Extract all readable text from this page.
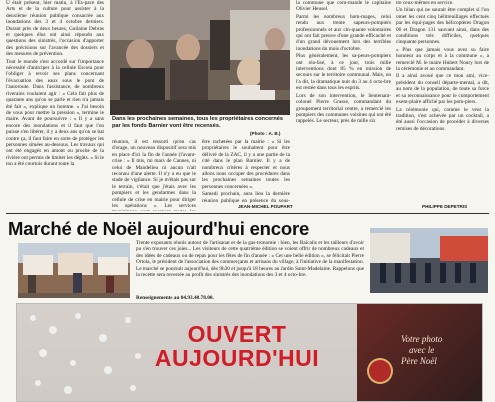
U était présent, hier matin, à l'Es-pace des Arts et de la culture pour assister à la deuxième réunion publique consacrée aux inondations des 3 et 4 octobre derniers. Durant près de deux heures, Guilaine Debras et quelques élus ont ainsi répondu aux questions des sinistrés, l'occasion d'apporter des précisions sur l'avancée des dossiers et des mesures de prévention.

Tout le monde s'est accordé sur l'importance nécessité d'anticiper à la cellule Escota pour l'obliger à revoir ses plans concernant l'évacuation des eaux sous le pont de l'autoroute. Dans l'assistance, de nombreux riverains voulaient agir : « Cela fait plus de quarante ans qu'on se parle et rien n'a jamais été fait », explique un homme. « J'ai besoin de vous pour mettre la pression », termine le maire. Avant de poursuivre : « Il y a sans encore des inondations et il faut que l'on puisse s'en libérer, il y a deux ans qu'on se bat contre ça, il faut faire en sorte de protéger les personnes situées au-dessous. Les travaux qui ont été engagés en amont ou proche de la rivière ont permis de limiter les dégâts. » Si le ton a été courtois durant toute la

Dans les prochaines semaines, tous les propriétaires concernés par les fonds Barnier vont être recensés.
(Photo : A. B.)

réunion, il est ressorti qu'en cas d'orage, un nouveau dispositif sera mis en place d'ici la fin de l'année (l'avant-crise : « Il mis, mi mars de Cannes, ni celui de Mandelieu ni aucun n'ait reconnu d'une alerte. Il n'y a eu que le stade de vigilance. Si je m'étais pas sur le terrain, c'était que j'étais avec les pompiers et les gendarmes dans la cellule de crise en mairie pour diriger les opérations ». Les services

être rachetées par la mairie : « Si les propriétaires le souhaitent pour être délivré de la ZAC, il y a une partie de la cité dans le plan Barnier. Il y a de nombreux critères à respecter et nous allons nous occuper des procédures dans les prochaines semaines toutes les personnes concernées ».

Samedi prochain, aura lieu la dernière réunion publique en présence du sous-

JEAN-MICHEL POUPART

la commune que com-mande le capitaine Olivier Heusel.

Parmi les nombreux hom-mages, celui rendu aux trente sapeurs-pompiers professionnels et aux cin-quante volontaires qui ont fait preuve d'une grande efficacité et d'un grand dévouement lors des terribles inondations du mois d'octobre.

Plus généralement, les sa-peurs-pompiers ont réa-lisé, à ce jour, trois mille interventions dont 85 % en mission de secours sur le territoire communal. Mais, on l'a dit, la dramatique nuit du 3 au 4 octo-bre est restée dans tous les esprits.

Lors de son intervention, le lieutenant-colonel Pierre Grasse, commandant du groupement territorial centre, a remercié les pompiers des communes voisines qui ont été rappelés. Le secteur, près de mille six

tre ceux-mêmes en service.

Un bilan qui ne saurait être complet si l'on omet les cent cinq hélitreuillages effectués par les équi-pages des hélicoptères Dragon 06 et Dragon 131 sauvant ainsi, dans des conditions très difficiles, quelques cinquante personnes.

« Plus que jamais vous avez su faire honneur au corps et à la commune », a remercié M. le maire Hubert Noury lors de la cérémonie et au commandant.

Il a ainsi avoué que ce mon ami, vice-président du conseil départe-mental, a dit, au nom de la population, de toute sa force et sa reconnaissance pour le comportement exem-plaire affiché par les pom-piers.

La cérémonie qui, comme le veut la tradition, s'est achevée par un cocktail, a été aussi l'occasion de procéder à diverses remises de décorations.

PHILIPPE DEPETRIS
Marché de Noël aujourd'hui encore

Trente exposants réunis autour de l'artisanat et de la gas-tronomie : bien, les Baïcalis et les tailleurs d'avoir pu s'en trouver ces joies... Les visiteurs de cette quatrième édition se voient offrir de nombreux cadeaux et des idées de cadeaux ou de repas pour les fêtes de fin d'année : « Cet une belle édition », se félicitait Pierre Ortola, le président de l'association des commerçants et artisans du village, à l'initiative de la manifestation. Le marché se poursuit aujourd'hui, dès 9h30 et jusqu'à 18 heures au Jardin Saint-Madelaine. Rappelons que la recette sera reversée au profit des sinistrés des inondations des 3 et 4 octo-bre.

Renseignements au 04.93.48.78.00.

OUVERT
AUJOURD'HUI
Votre photo
avec le
Père Noël
